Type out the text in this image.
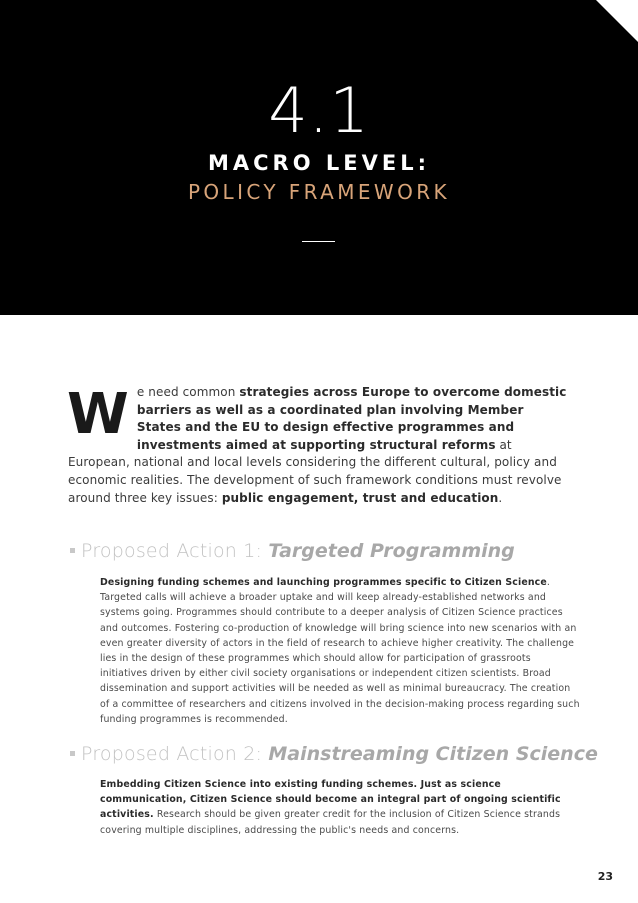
4.1
MACRO LEVEL:
POLICY FRAMEWORK
We need common strategies across Europe to overcome domestic barriers as well as a coordinated plan involving Member States and the EU to design effective programmes and investments aimed at supporting structural reforms at European, national and local levels considering the different cultural, policy and economic realities. The development of such framework conditions must revolve around three key issues: public engagement, trust and education.
Proposed Action 1: Targeted Programming
Designing funding schemes and launching programmes specific to Citizen Science. Targeted calls will achieve a broader uptake and will keep already-established networks and systems going. Programmes should contribute to a deeper analysis of Citizen Science practices and outcomes. Fostering co-production of knowledge will bring science into new scenarios with an even greater diversity of actors in the field of research to achieve higher creativity. The challenge lies in the design of these programmes which should allow for participation of grassroots initiatives driven by either civil society organisations or independent citizen scientists. Broad dissemination and support activities will be needed as well as minimal bureaucracy. The creation of a committee of researchers and citizens involved in the decision-making process regarding such funding programmes is recommended.
Proposed Action 2: Mainstreaming Citizen Science
Embedding Citizen Science into existing funding schemes. Just as science communication, Citizen Science should become an integral part of ongoing scientific activities. Research should be given greater credit for the inclusion of Citizen Science strands covering multiple disciplines, addressing the public's needs and concerns.
23
